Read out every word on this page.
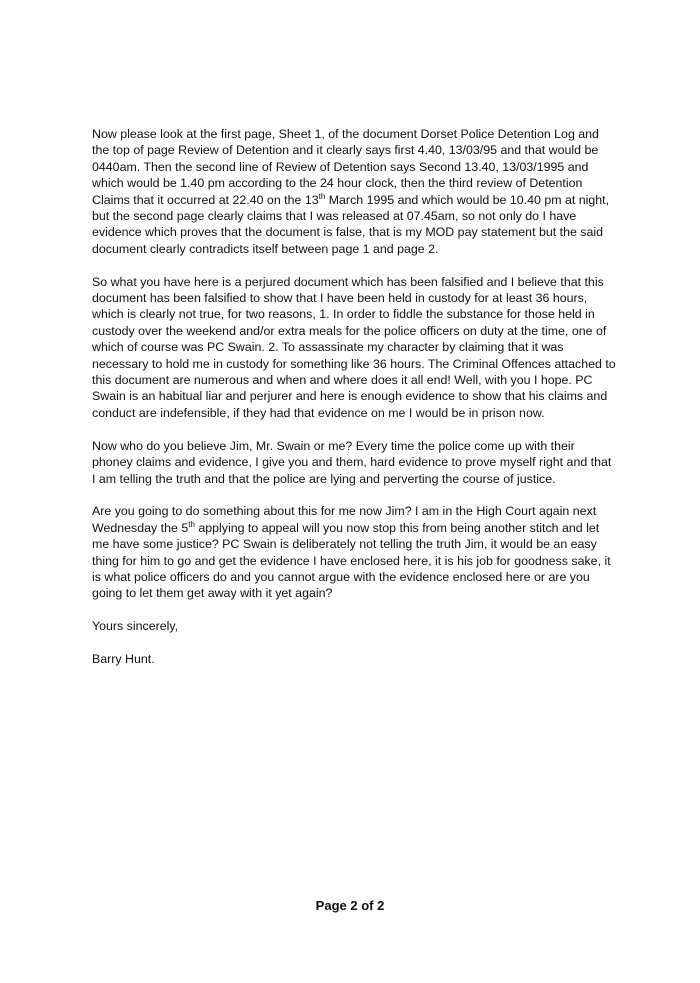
Now please look at the first page, Sheet 1, of the document Dorset Police Detention Log and the top of page Review of Detention and it clearly says first 4.40, 13/03/95 and that would be 0440am. Then the second line of Review of Detention says Second 13.40, 13/03/1995 and which would be 1.40 pm according to the 24 hour clock, then the third review of Detention Claims that it occurred at 22.40 on the 13th March 1995 and which would be 10.40 pm at night, but the second page clearly claims that I was released at 07.45am, so not only do I have evidence which proves that the document is false, that is my MOD pay statement but the said document clearly contradicts itself between page 1 and page 2.

So what you have here is a perjured document which has been falsified and I believe that this document has been falsified to show that I have been held in custody for at least 36 hours, which is clearly not true, for two reasons, 1. In order to fiddle the substance for those held in custody over the weekend and/or extra meals for the police officers on duty at the time, one of which of course was PC Swain. 2. To assassinate my character by claiming that it was necessary to hold me in custody for something like 36 hours. The Criminal Offences attached to this document are numerous and when and where does it all end! Well, with you I hope. PC Swain is an habitual liar and perjurer and here is enough evidence to show that his claims and conduct are indefensible, if they had that evidence on me I would be in prison now.

Now who do you believe Jim, Mr. Swain or me? Every time the police come up with their phoney claims and evidence, I give you and them, hard evidence to prove myself right and that I am telling the truth and that the police are lying and perverting the course of justice.

Are you going to do something about this for me now Jim? I am in the High Court again next Wednesday the 5th applying to appeal will you now stop this from being another stitch and let me have some justice? PC Swain is deliberately not telling the truth Jim, it would be an easy thing for him to go and get the evidence I have enclosed here, it is his job for goodness sake, it is what police officers do and you cannot argue with the evidence enclosed here or are you going to let them get away with it yet again?

Yours sincerely,

Barry Hunt.

Page 2 of 2
